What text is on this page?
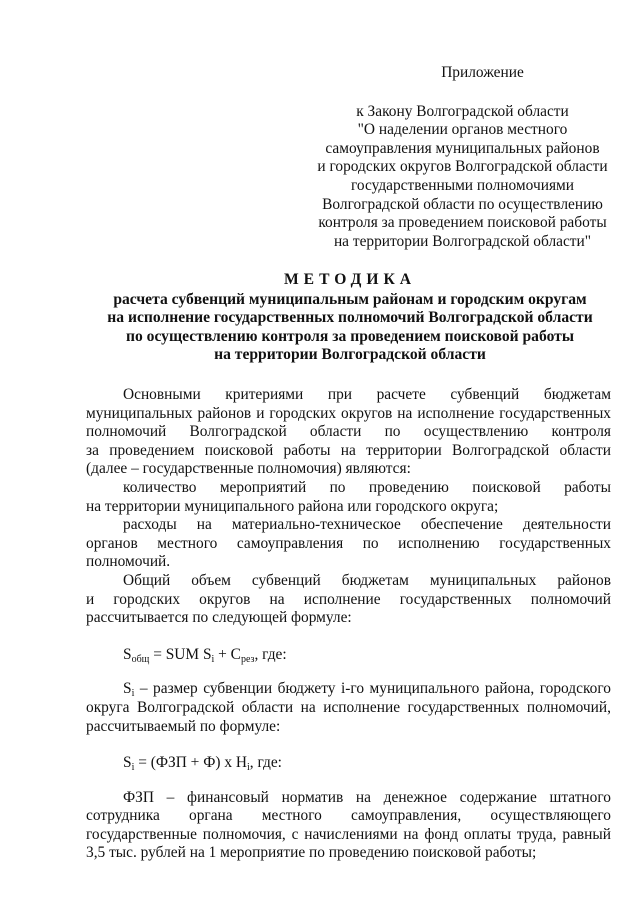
Приложение
к Закону Волгоградской области
"О наделении органов местного
самоуправления муниципальных районов
и городских округов Волгоградской области
государственными полномочиями
Волгоградской области по осуществлению
контроля за проведением поисковой работы
на территории Волгоградской области"
МЕТОДИКА
расчета субвенций муниципальным районам и городским округам
на исполнение государственных полномочий Волгоградской области
по осуществлению контроля за проведением поисковой работы
на территории Волгоградской области
Основными критериями при расчете субвенций бюджетам
муниципальных районов и городских округов на исполнение государственных
полномочий Волгоградской области по осуществлению контроля
за проведением поисковой работы на территории Волгоградской области
(далее – государственные полномочия) являются:
количество мероприятий по проведению поисковой работы
на территории муниципального района или городского округа;
расходы на материально-техническое обеспечение деятельности
органов местного самоуправления по исполнению государственных
полномочий.
Общий объем субвенций бюджетам муниципальных районов
и городских округов на исполнение государственных полномочий
рассчитывается по следующей формуле:
$S_{общ}$ = SUM $S_i + C_{рез}$, где:
$S_i$ – размер субвенции бюджету i-го муниципального района, городского
округа Волгоградской области на исполнение государственных полномочий,
рассчитываемый по формуле:
$S_i = (ФЗП + Ф)$ x $Н_i$, где:
ФЗП – финансовый норматив на денежное содержание штатного
сотрудника органа местного самоуправления, осуществляющего
государственные полномочия, с начислениями на фонд оплаты труда, равный
3,5 тыс. рублей на 1 мероприятие по проведению поисковой работы;
